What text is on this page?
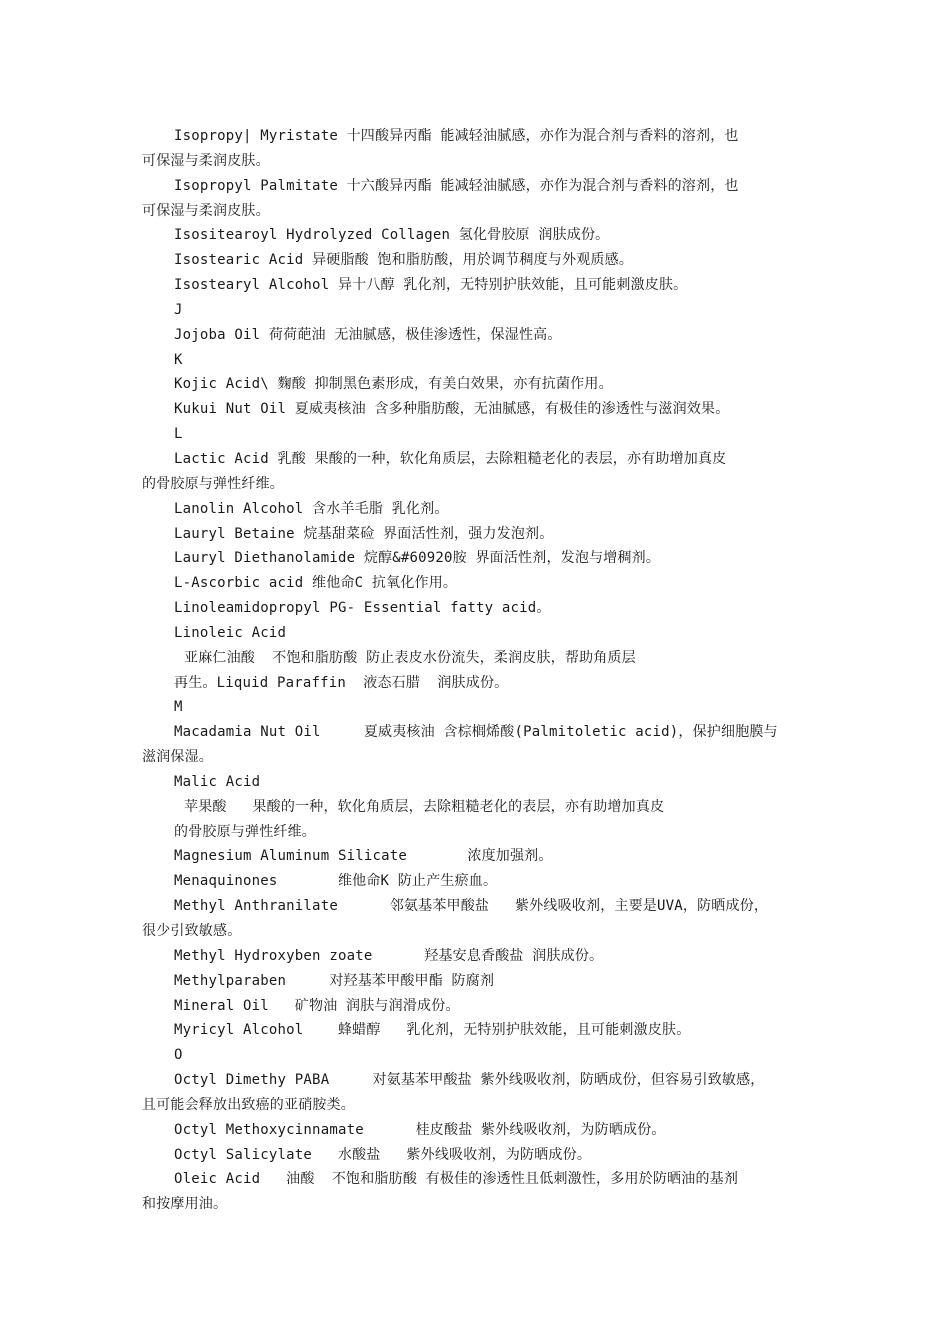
Isopropy| Myristate 十四酸异丙酯 能减轻油腻感，亦作为混合剂与香料的溶剂，也
可保湿与柔润皮肤。
Isopropyl Palmitate 十六酸异丙酯 能减轻油腻感，亦作为混合剂与香料的溶剂，也
可保湿与柔润皮肤。
Isositearoyl Hydrolyzed Collagen 氢化骨胶原 润肤成份。
Isostearic Acid 异硬脂酸 饱和脂肪酸，用於调节稠度与外观质感。
Isostearyl Alcohol 异十八醇 乳化剂，无特别护肤效能，且可能刺激皮肤。
J
Jojoba Oil 荷荷葩油 无油腻感，极佳渗透性，保湿性高。
K
Kojic Acid\ 麴酸 抑制黑色素形成，有美白效果，亦有抗菌作用。
Kukui Nut Oil 夏威夷核油 含多种脂肪酸，无油腻感，有极佳的渗透性与滋润效果。
L
Lactic Acid 乳酸 果酸的一种，软化角质层，去除粗糙老化的表层，亦有助增加真皮
的骨胶原与弹性纤维。
Lanolin Alcohol 含水羊毛脂 乳化剂。
Lauryl Betaine 烷基甜菜硷 界面活性剂，强力发泡剂。
Lauryl Diethanolamide 烷醇&#60920胺 界面活性剂，发泡与增稠剂。
L-Ascorbic acid 维他命C 抗氧化作用。
Linoleamidopropyl PG- Essential fatty acid。
Linoleic Acid
亚麻仁油酸  不饱和脂肪酸 防止表皮水份流失，柔润皮肤，帮助角质层
再生。Liquid Paraffin  液态石腊  润肤成份。
M
Macadamia Nut Oil     夏威夷核油 含棕榈烯酸(Palmitoletic acid)，保护细胞膜与
滋润保湿。
Malic Acid
苹果酸   果酸的一种，软化角质层，去除粗糙老化的表层，亦有助增加真皮
的骨胶原与弹性纤维。
Magnesium Aluminum Silicate       浓度加强剂。
Menaquinones       维他命K 防止产生瘀血。
Methyl Anthranilate      邻氨基苯甲酸盐   紫外线吸收剂，主要是UVA，防晒成份，
很少引致敏感。
Methyl Hydroxyben zoate      羟基安息香酸盐 润肤成份。
Methylparaben     对羟基苯甲酸甲酯 防腐剂
Mineral Oil   矿物油 润肤与润滑成份。
Myricyl Alcohol    蜂蜡醇   乳化剂，无特别护肤效能，且可能刺激皮肤。
O
Octyl Dimethy PABA     对氨基苯甲酸盐 紫外线吸收剂，防晒成份，但容易引致敏感，
且可能会释放出致癌的亚硝胺类。
Octyl Methoxycinnamate      桂皮酸盐 紫外线吸收剂，为防晒成份。
Octyl Salicylate   水酸盐   紫外线吸收剂，为防晒成份。
Oleic Acid   油酸  不饱和脂肪酸 有极佳的渗透性且低刺激性，多用於防晒油的基剂
和按摩用油。
